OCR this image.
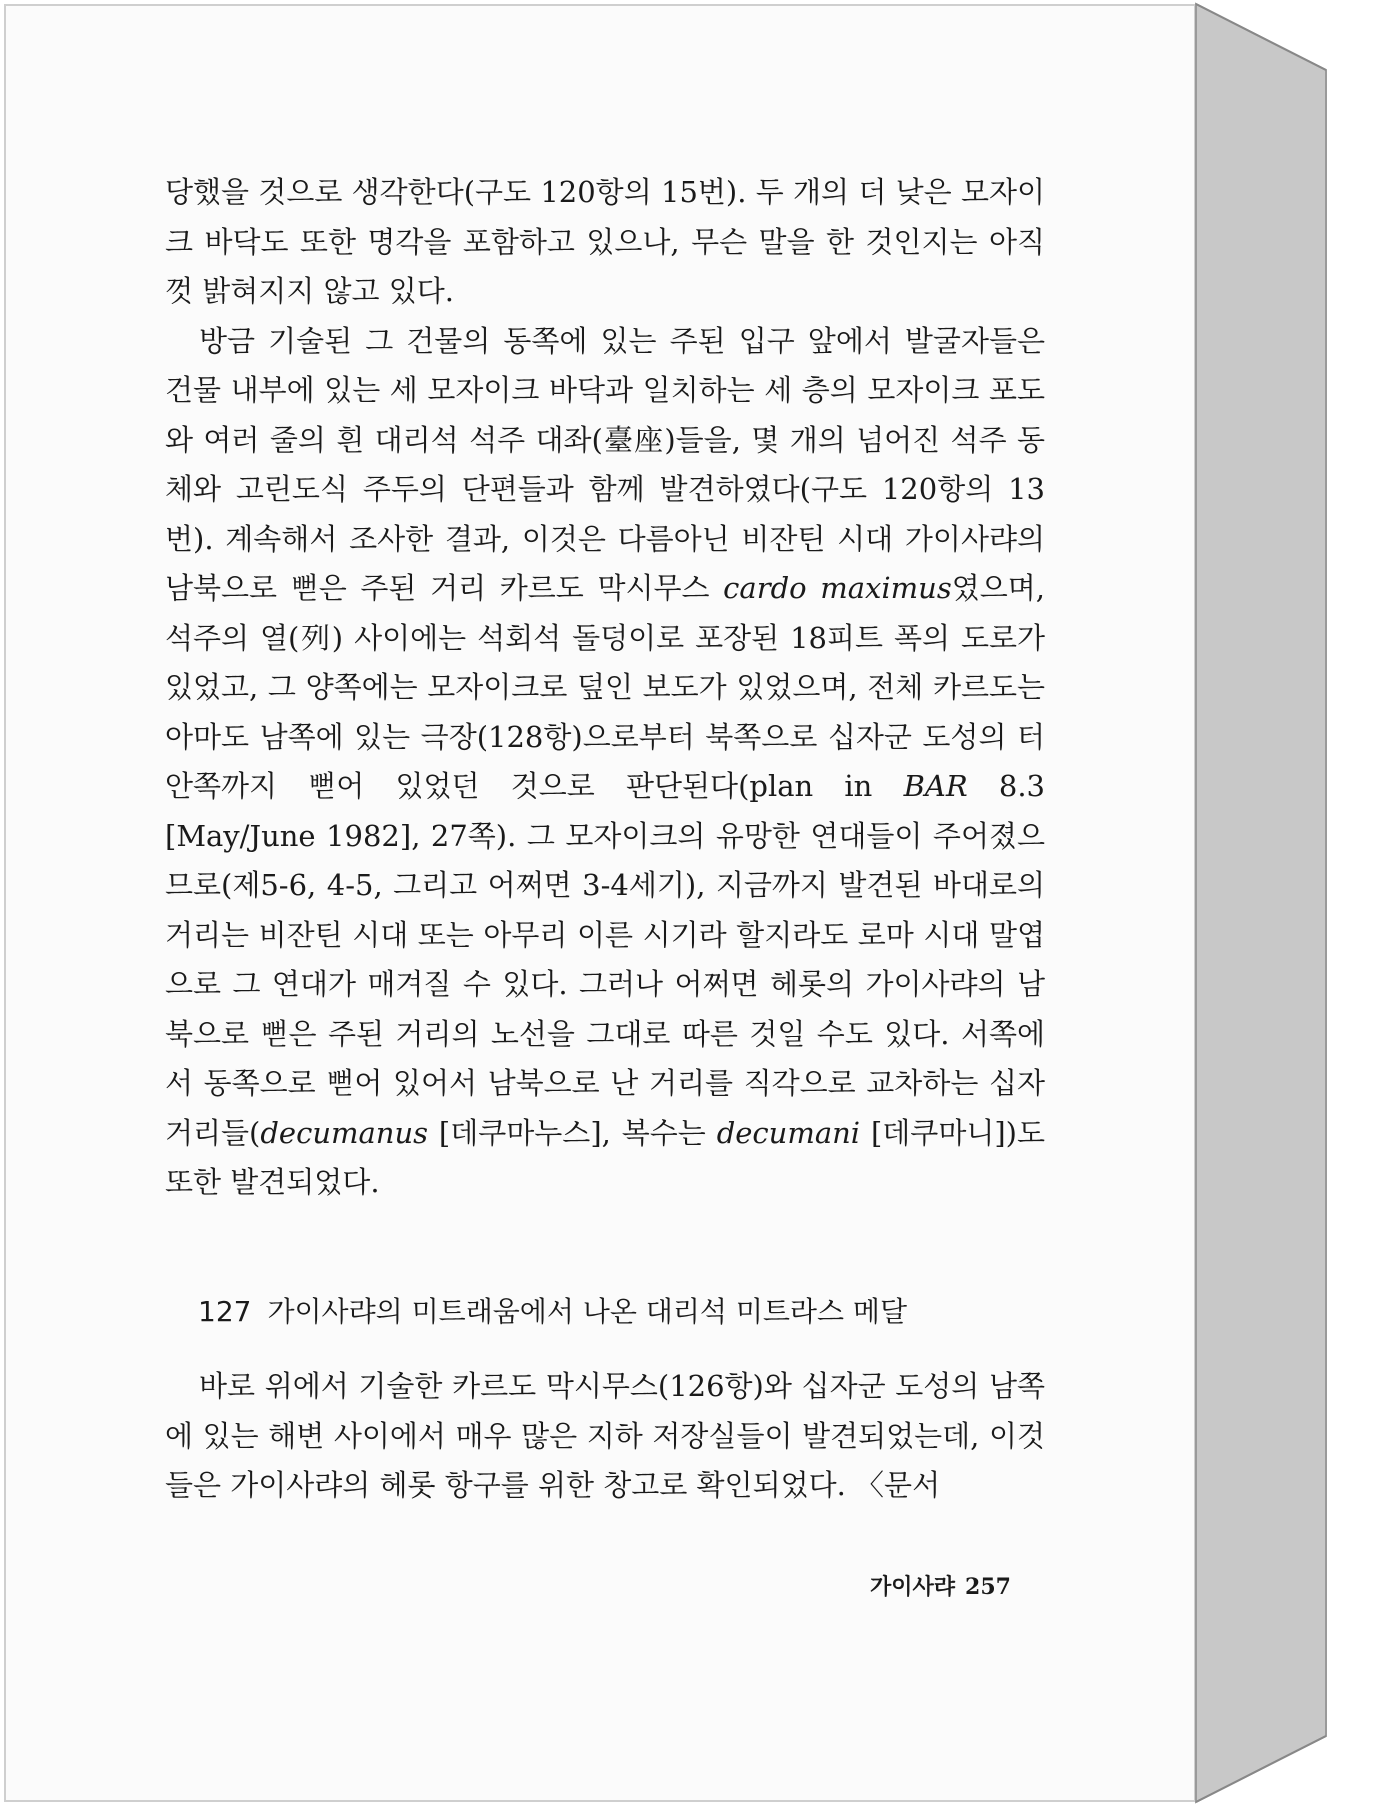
당했을 것으로 생각한다(구도 120항의 15번). 두 개의 더 낮은 모자이크 바닥도 또한 명각을 포함하고 있으나, 무슨 말을 한 것인지는 아직껏 밝혀지지 않고 있다.

방금 기술된 그 건물의 동쪽에 있는 주된 입구 앞에서 발굴자들은 건물 내부에 있는 세 모자이크 바닥과 일치하는 세 층의 모자이크 포도와 여러 줄의 흰 대리석 석주 대좌(臺座)들을, 몇 개의 넘어진 석주 동체와 고린도식 주두의 단편들과 함께 발견하였다(구도 120항의 13번). 계속해서 조사한 결과, 이것은 다름아닌 비잔틴 시대 가이사랴의 남북으로 뻗은 주된 거리 카르도 막시무스 cardo maximus였으며, 석주의 열(列) 사이에는 석회석 돌덩이로 포장된 18피트 폭의 도로가 있었고, 그 양쪽에는 모자이크로 덮인 보도가 있었으며, 전체 카르도는 아마도 남쪽에 있는 극장(128항)으로부터 북쪽으로 십자군 도성의 터 안쪽까지 뻗어 있었던 것으로 판단된다(plan in BAR 8.3 [May/June 1982], 27쪽). 그 모자이크의 유망한 연대들이 주어졌으므로(제5-6, 4-5, 그리고 어쩌면 3-4세기), 지금까지 발견된 바대로의 거리는 비잔틴 시대 또는 아무리 이른 시기라 할지라도 로마 시대 말엽으로 그 연대가 매겨질 수 있다. 그러나 어쩌면 헤롯의 가이사랴의 남북으로 뻗은 주된 거리의 노선을 그대로 따른 것일 수도 있다. 서쪽에서 동쪽으로 뻗어 있어서 남북으로 난 거리를 직각으로 교차하는 십자 거리들(decumanus [데쿠마누스], 복수는 decumani [데쿠마니])도 또한 발견되었다.

127 가이사랴의 미트래움에서 나온 대리석 미트라스 메달

바로 위에서 기술한 카르도 막시무스(126항)와 십자군 도성의 남쪽에 있는 해변 사이에서 매우 많은 지하 저장실들이 발견되었는데, 이것들은 가이사랴의 헤롯 항구를 위한 창고로 확인되었다. 〈문서

가이사랴 257
